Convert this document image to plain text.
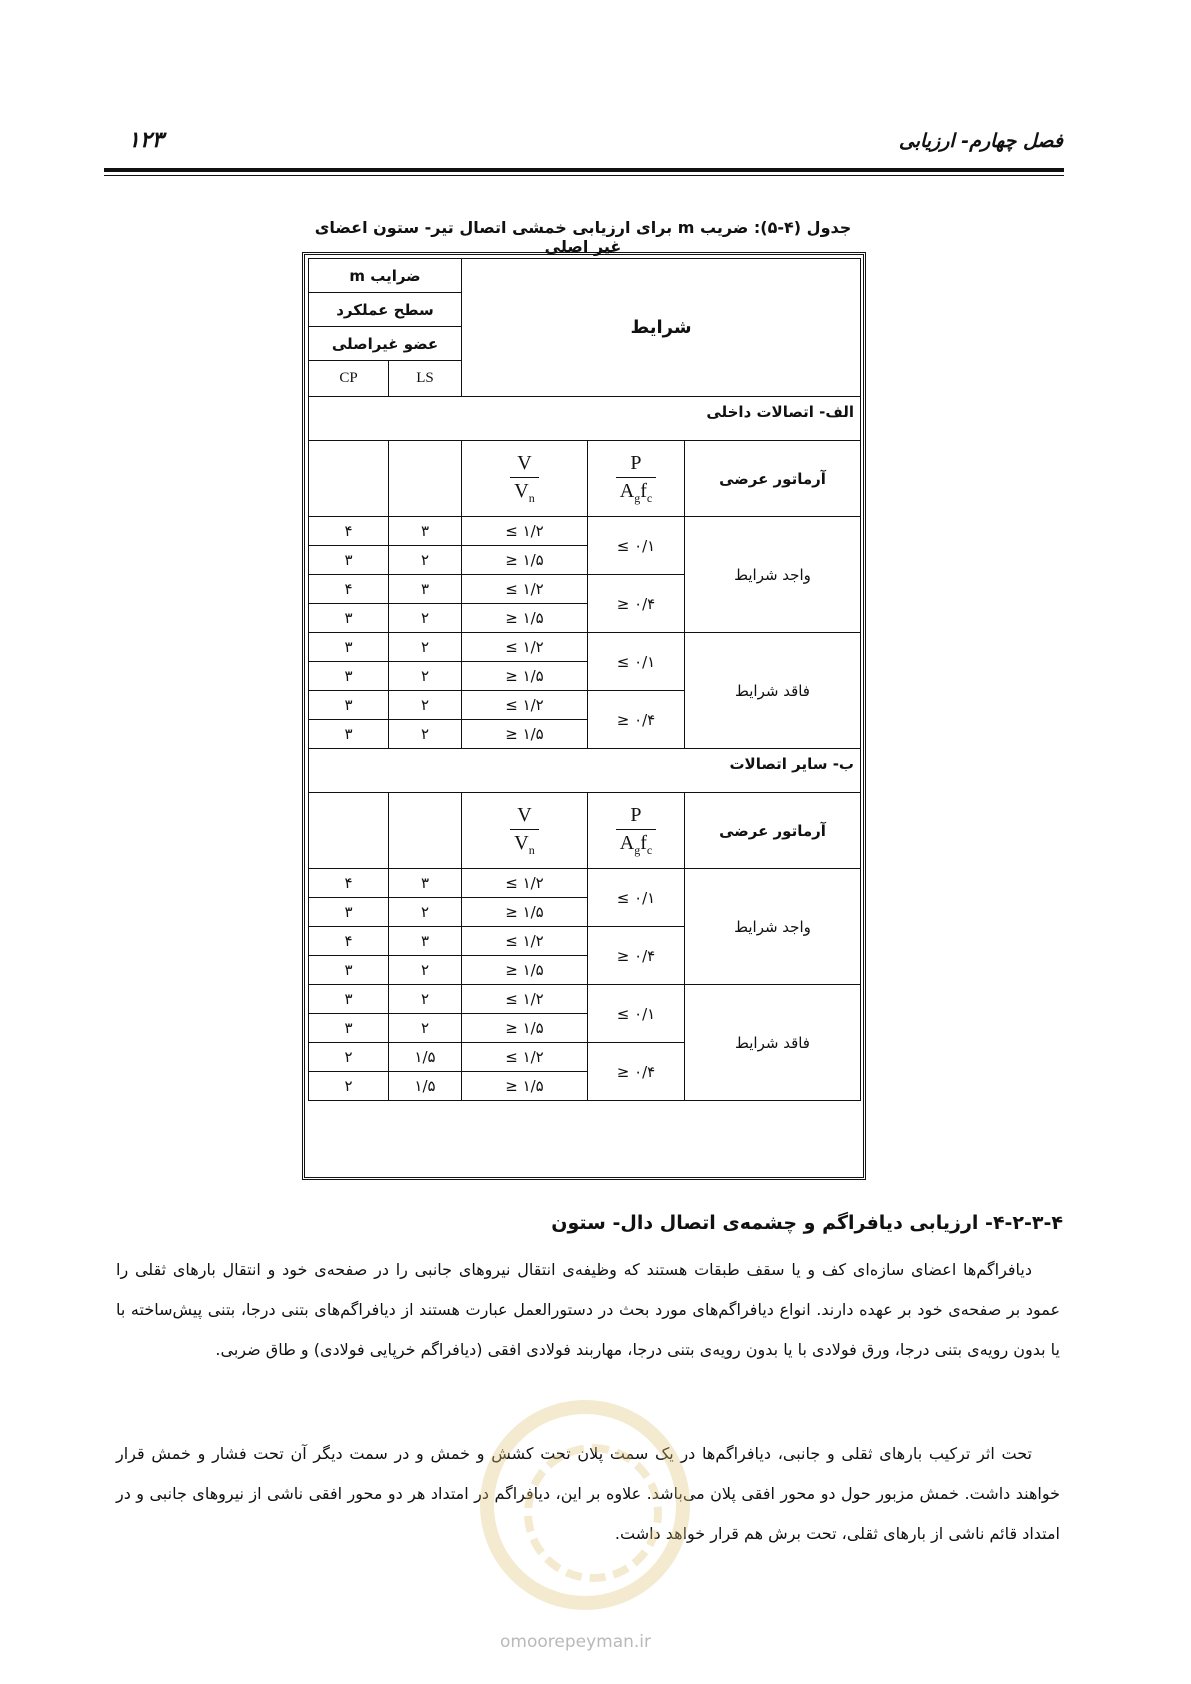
۱۲۳	فصل چهارم- ارزیابی
جدول (۴-۵): ضریب m برای ارزیابی خمشی اتصال تیر- ستون اعضای غیر اصلی
ضرایب m		شرایط		
سطح عملکرد				
عضو غیراصلی				
CP	LS			
الف- اتصالات داخلی				

		$\frac{V}{V_n}$	$\frac{P}{A_gf_c}$	آرماتور عرضی
۴	۳	≤ ۱/۲	≤ ۰/۱	واجد شرایط
۳	۲	≥ ۱/۵		
۴	۳	≤ ۱/۲	≥ ۰/۴	
۳	۲	≥ ۱/۵		
۳	۲	≤ ۱/۲	≤ ۰/۱	فاقد شرایط
۳	۲	≥ ۱/۵		
۳	۲	≤ ۱/۲	≥ ۰/۴	
۳	۲	≥ ۱/۵		
ب- سایر اتصالات				

		$\frac{V}{V_n}$	$\frac{P}{A_gf_c}$	آرماتور عرضی
۴	۳	≤ ۱/۲	≤ ۰/۱	واجد شرایط
۳	۲	≥ ۱/۵		
۴	۳	≤ ۱/۲	≥ ۰/۴	
۳	۲	≥ ۱/۵		
۳	۲	≤ ۱/۲	≤ ۰/۱	فاقد شرایط
۳	۲	≥ ۱/۵		
۲	۱/۵	≤ ۱/۲	≥ ۰/۴	
۲	۱/۵	≥ ۱/۵		
۴-۲-۳-۴- ارزیابی دیافراگم و چشمه‌ی اتصال دال- ستون
دیافراگم‌ها اعضای سازه‌ای کف و یا سقف طبقات هستند که وظیفه‌ی انتقال نیروهای جانبی را در صفحه‌ی خود و انتقال بارهای ثقلی را عمود بر صفحه‌ی خود بر عهده دارند. انواع دیافراگم‌های مورد بحث در دستورالعمل عبارت هستند از دیافراگم‌های بتنی درجا، بتنی پیش‌ساخته با یا بدون رویه‌ی بتنی درجا، ورق فولادی با یا بدون رویه‌ی بتنی درجا، مهاربند فولادی افقی (دیافراگم خرپایی فولادی) و طاق ضربی.
تحت اثر ترکیب بارهای ثقلی و جانبی، دیافراگم‌ها در یک سمت پلان تحت کشش و خمش و در سمت دیگر آن تحت فشار و خمش قرار خواهند داشت. خمش مزبور حول دو محور افقی پلان می‌باشد. علاوه بر این، دیافراگم در امتداد هر دو محور افقی ناشی از نیروهای جانبی و در امتداد قائم ناشی از بارهای ثقلی، تحت برش هم قرار خواهد داشت.
omoorepeyman.ir
